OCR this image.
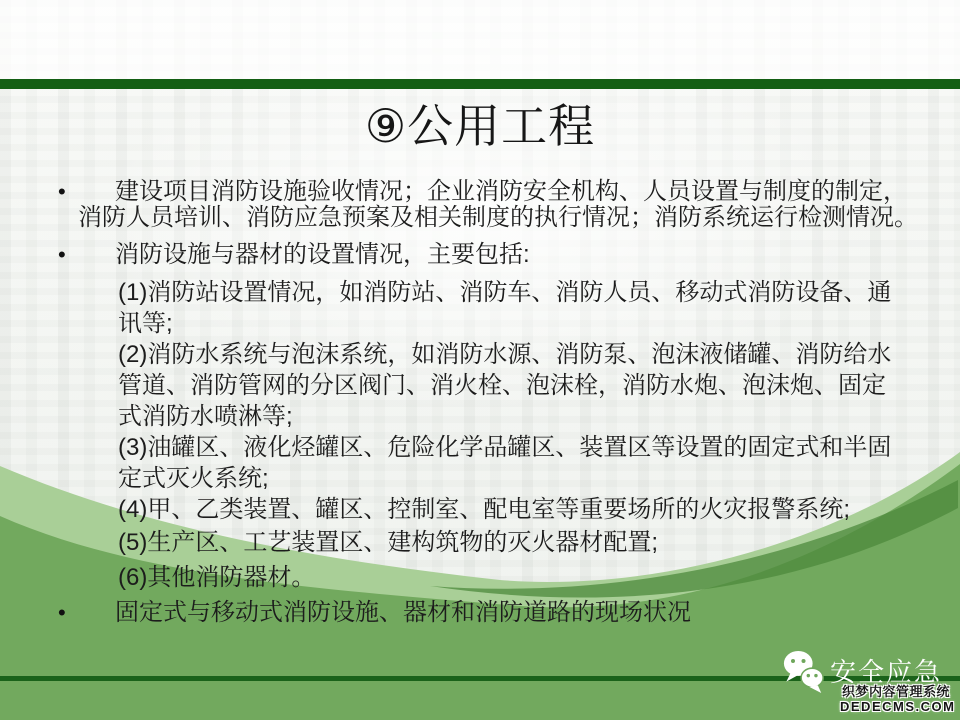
⑨公用工程
•	建设项目消防设施验收情况；企业消防安全机构、人员设置与制度的制定，消防人员培训、消防应急预案及相关制度的执行情况；消防系统运行检测情况。
•	消防设施与器材的设置情况，主要包括:
(1)消防站设置情况，如消防站、消防车、消防人员、移动式消防设备、通讯等;
(2)消防水系统与泡沫系统，如消防水源、消防泵、泡沫液储罐、消防给水管道、消防管网的分区阀门、消火栓、泡沫栓，消防水炮、泡沫炮、固定式消防水喷淋等;
(3)油罐区、液化烃罐区、危险化学品罐区、装置区等设置的固定式和半固定式灭火系统;
(4)甲、乙类装置、罐区、控制室、配电室等重要场所的火灾报警系统;
(5)生产区、工艺装置区、建构筑物的灭火器材配置;
(6)其他消防器材。
•	固定式与移动式消防设施、器材和消防道路的现场状况
安全应急
织梦内容管理系统
DEDECMS.COM
